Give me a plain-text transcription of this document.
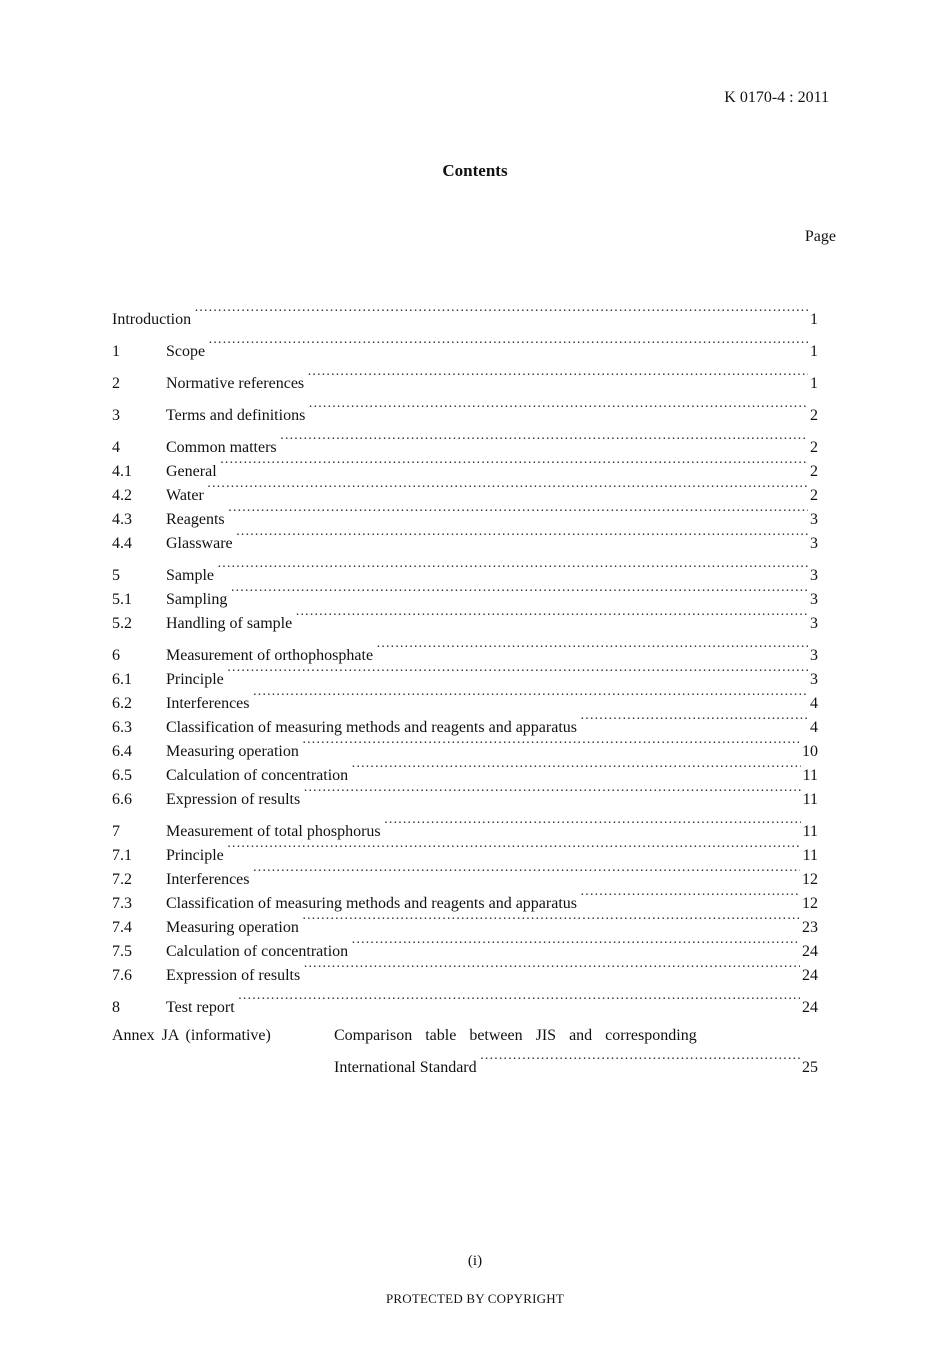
K 0170-4 : 2011
Contents
Page
Introduction ·····	1
1	Scope ·····	1
2	Normative references ·····	1
3	Terms and definitions ·····	2
4	Common matters ·····	2
4.1	General ·····	2
4.2	Water ·····	2
4.3	Reagents ·····	3
4.4	Glassware ·····	3
5	Sample ·····	3
5.1	Sampling ·····	3
5.2	Handling of sample ·····	3
6	Measurement of orthophosphate ·····	3
6.1	Principle ·····	3
6.2	Interferences ·····	4
6.3	Classification of measuring methods and reagents and apparatus ·····	4
6.4	Measuring operation ·····	10
6.5	Calculation of concentration ·····	11
6.6	Expression of results ·····	11
7	Measurement of total phosphorus ·····	11
7.1	Principle ·····	11
7.2	Interferences ·····	12
7.3	Classification of measuring methods and reagents and apparatus ·····	12
7.4	Measuring operation ·····	23
7.5	Calculation of concentration ·····	24
7.6	Expression of results ·····	24
8	Test report ·····	24
Annex JA (informative)	Comparison table between JIS and corresponding
International Standard ·····	25
(i)
PROTECTED BY COPYRIGHT
